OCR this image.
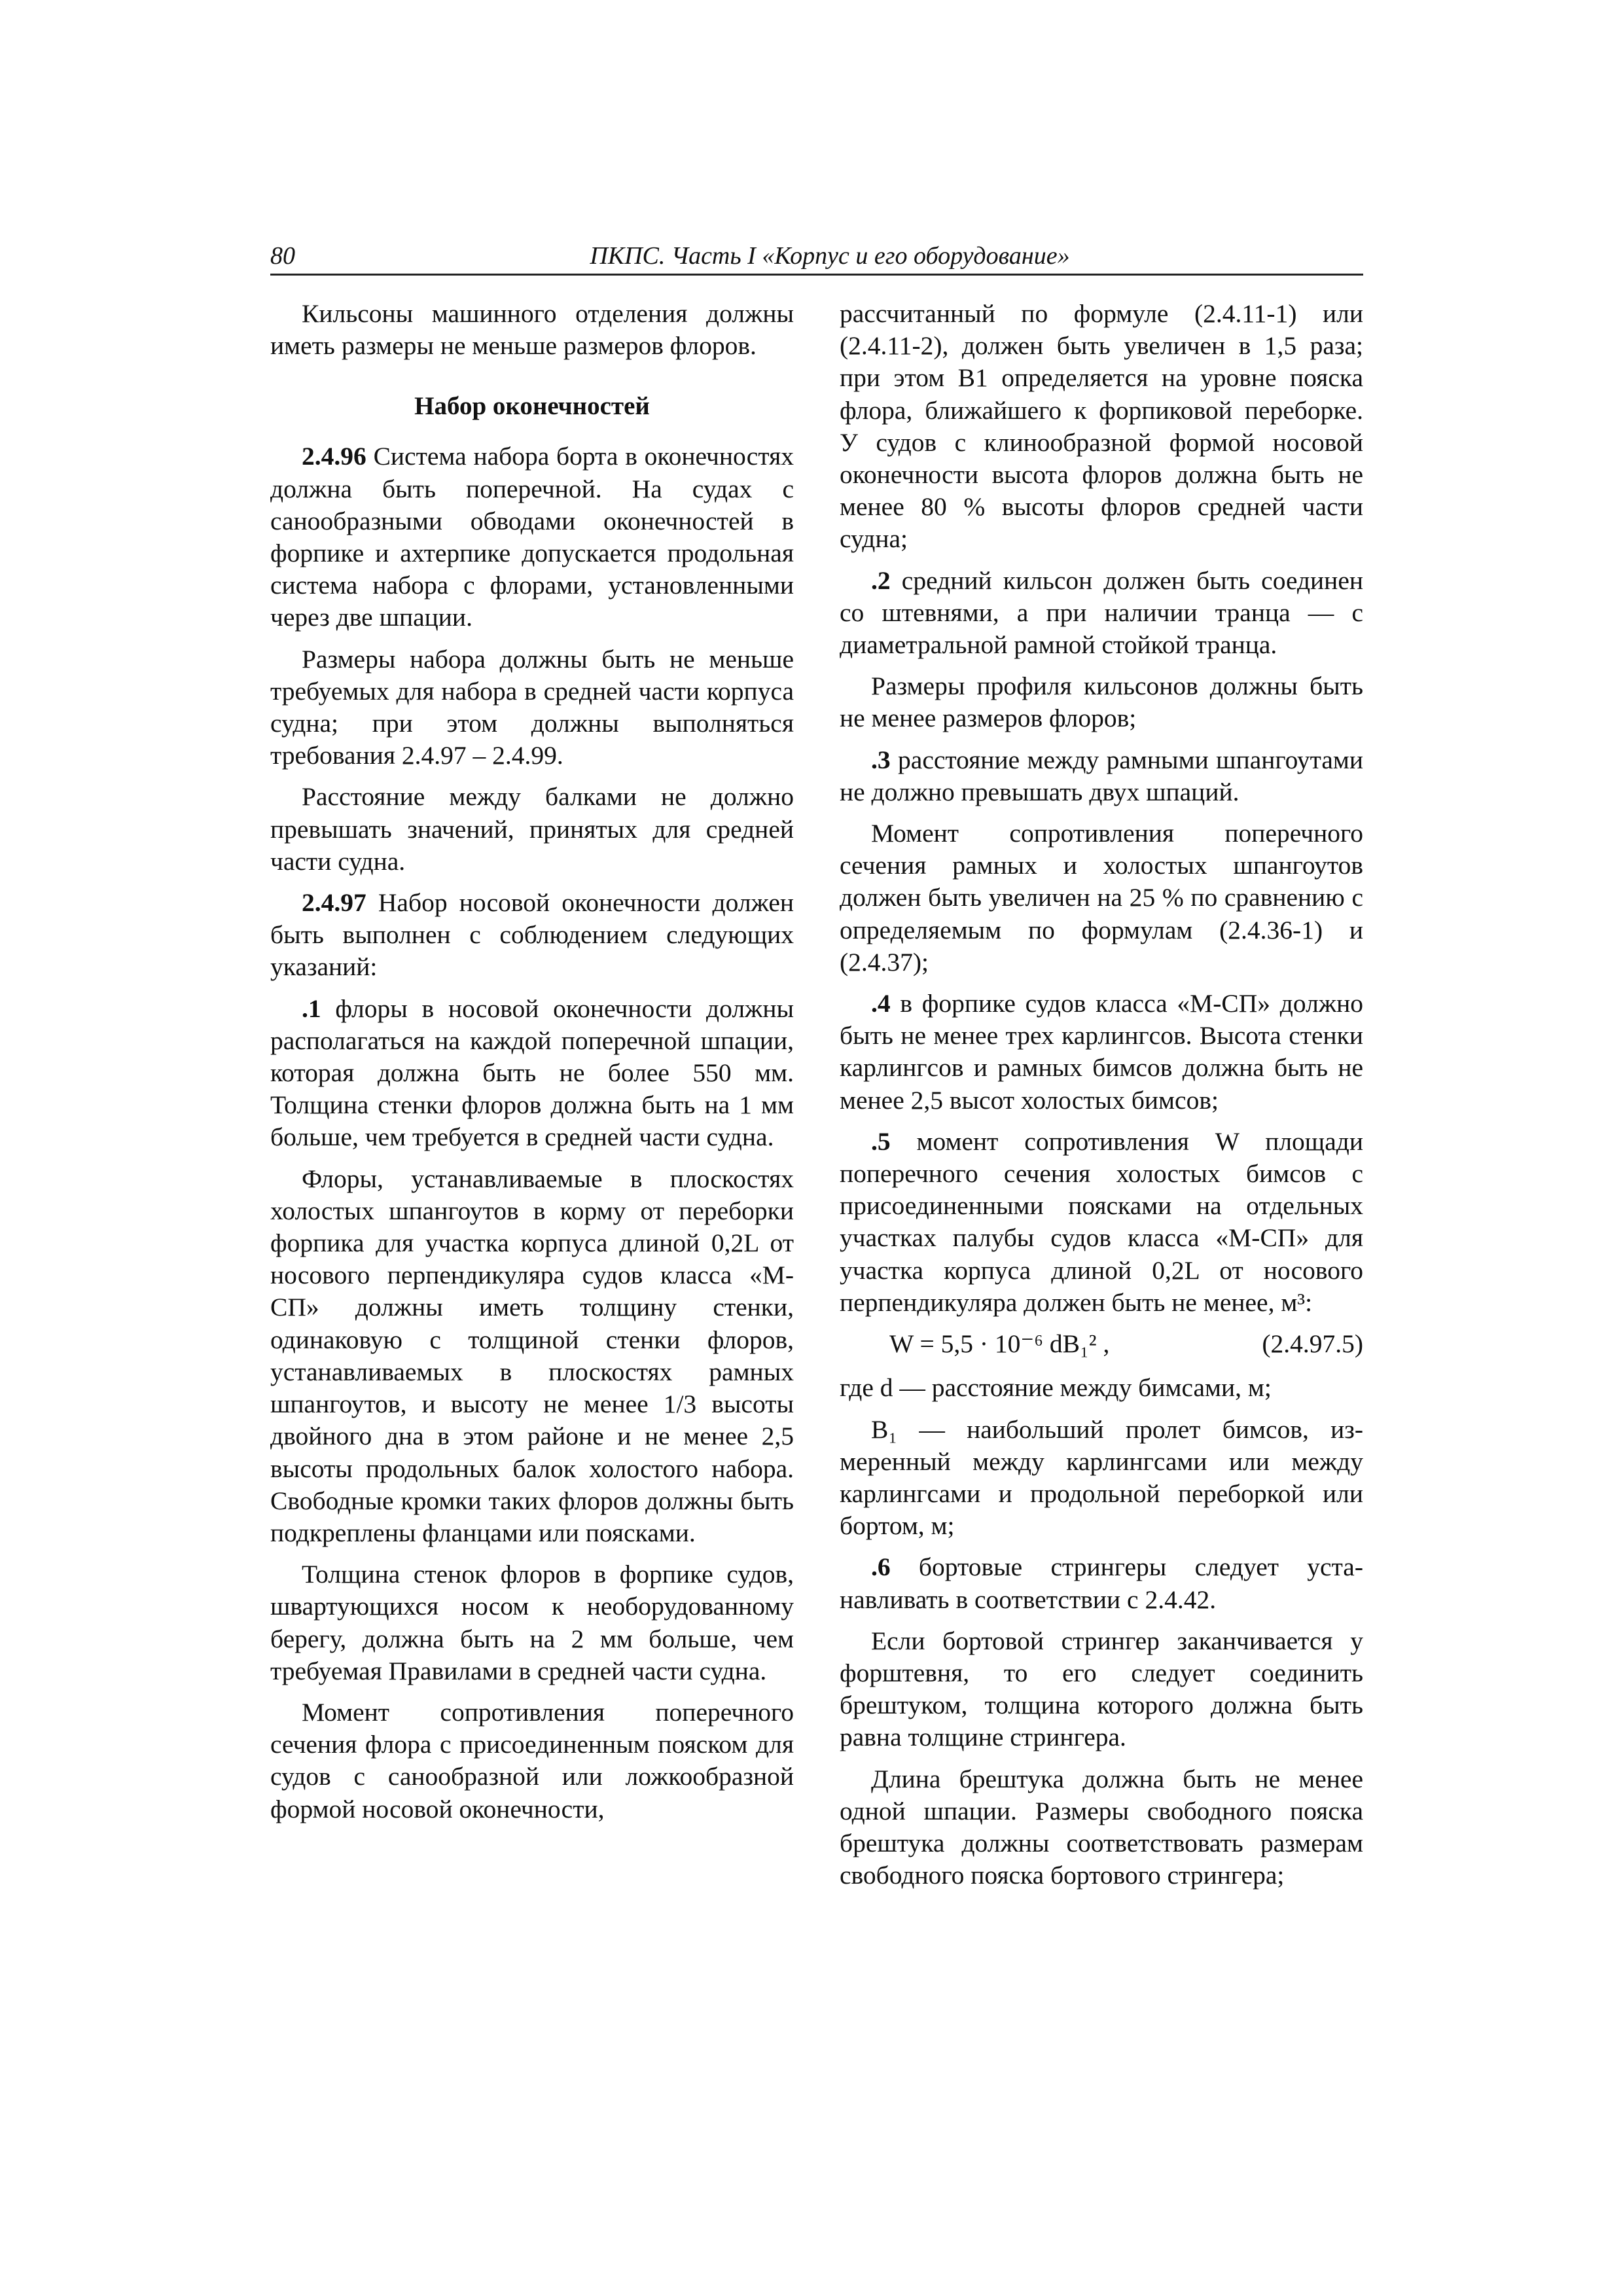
80	ПКПС. Часть I «Корпус и его оборудование»

Кильсоны машинного отделения должны иметь размеры не меньше размеров флоров.

Набор оконечностей

2.4.96 Система набора борта в оконечностях должна быть поперечной. На судах с санообразными обводами оконечностей в форпике и ахтерпике допускается продольная система набора с флорами, установленными через две шпации.

Размеры набора должны быть не меньше требуемых для набора в средней части корпуса судна; при этом должны выполняться требования 2.4.97 – 2.4.99.

Расстояние между балками не должно превышать значений, принятых для средней части судна.

2.4.97 Набор носовой оконечности должен быть выполнен с соблюдением следующих указаний:

.1 флоры в носовой оконечности должны располагаться на каждой поперечной шпации, которая должна быть не более 550 мм. Толщина стенки флоров должна быть на 1 мм больше, чем требуется в средней части судна.

Флоры, устанавливаемые в плоскостях холостых шпангоутов в корму от переборки форпика для участка корпуса длиной 0,2L от носового перпендикуляра судов класса «М-СП» должны иметь толщину стенки, одинаковую с толщиной стенки флоров, устанавливаемых в плоскостях рамных шпангоутов, и высоту не менее 1/3 высоты двойного дна в этом районе и не менее 2,5 высоты продольных балок холостого набора. Свободные кромки таких флоров должны быть подкреплены фланцами или поясками.

Толщина стенок флоров в форпике судов, швартующихся носом к необорудованному берегу, должна быть на 2 мм больше, чем требуемая Правилами в средней части судна.

Момент сопротивления поперечного сечения флора с присоединенным пояском для судов с санообразной или ложкообразной формой носовой оконечности,

рассчитанный по формуле (2.4.11-1) или (2.4.11-2), должен быть увеличен в 1,5 раза; при этом B1 определяется на уровне пояска флора, ближайшего к форпиковой переборке. У судов с клинообразной формой носовой оконечности высота флоров должна быть не менее 80 % высоты флоров средней части судна;

.2 средний кильсон должен быть соединен со штевнями, а при наличии транца — с диаметральной рамной стойкой транца.

Размеры профиля кильсонов должны быть не менее размеров флоров;

.3 расстояние между рамными шпангоутами не должно превышать двух шпаций.

Момент сопротивления поперечного сечения рамных и холостых шпангоутов должен быть увеличен на 25 % по сравнению с определяемым по формулам (2.4.36-1) и (2.4.37);

.4 в форпике судов класса «М-СП» должно быть не менее трех карлингсов. Высота стенки карлингсов и рамных бимсов должна быть не менее 2,5 высот холостых бимсов;

.5 момент сопротивления W площади поперечного сечения холостых бимсов с присоединенными поясками на отдельных участках палубы судов класса «М-СП» для участка корпуса длиной 0,2L от носового перпендикуляра должен быть не менее, м³:

W = 5,5 · 10⁻⁶ dB₁² ,	(2.4.97.5)

где d — расстояние между бимсами, м;

B₁ — наибольший пролет бимсов, измеренный между карлингсами или между карлингсами и продольной переборкой или бортом, м;

.6 бортовые стрингеры следует устанавливать в соответствии с 2.4.42.

Если бортовой стрингер заканчивается у форштевня, то его следует соединить брештуком, толщина которого должна быть равна толщине стрингера.

Длина брештука должна быть не менее одной шпации. Размеры свободного пояска брештука должны соответствовать размерам свободного пояска бортового стрингера;
